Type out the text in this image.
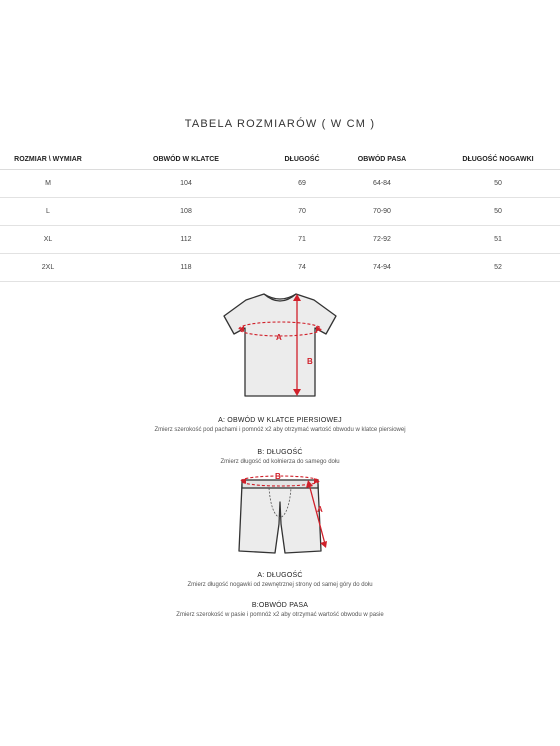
TABELA ROZMIARÓW ( W CM )
ROZMIAR \ WYMIAR	OBWÓD W KLATCE	DŁUGOŚĆ	OBWÓD PASA	DŁUGOŚĆ NOGAWKI
M	104	69	64-84	50
L	108	70	70-90	50
XL	112	71	72-92	51
2XL	118	74	74-94	52
A
B
A: OBWÓD W KLATCE PIERSIOWEJ
Zmierz szerokość pod pachami i pomnóż x2 aby otrzymać wartość obwodu w klatce piersiowej
B: DŁUGOŚĆ
Zmierz długość od kołnierza do samego dołu
B
A
A: DŁUGOŚĆ
Zmierz długość nogawki od zewnętrznej strony od samej góry do dołu
B:OBWÓD PASA
Zmierz szerokość w pasie i pomnóż x2 aby otrzymać wartość obwodu w pasie
